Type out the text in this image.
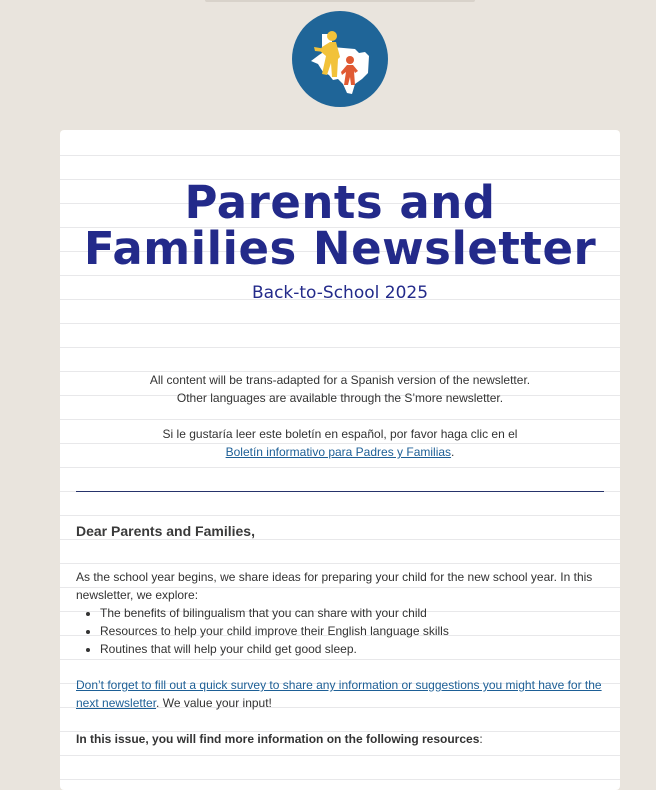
Parents and
Families Newsletter
Back-to-School 2025
All content will be trans-adapted for a Spanish version of the newsletter.
Other languages are available through the S’more newsletter.
Si le gustaría leer este boletín en español, por favor haga clic en el
Boletín informativo para Padres y Familias.
Dear Parents and Families,

As the school year begins, we share ideas for preparing your child for the new school year. In this newsletter, we explore:

• The benefits of bilingualism that you can share with your child
• Resources to help your child improve their English language skills
• Routines that will help your child get good sleep.
Don’t forget to fill out a quick survey to share any information or suggestions you might have for the next newsletter. We value your input!
In this issue, you will find more information on the following resources:
